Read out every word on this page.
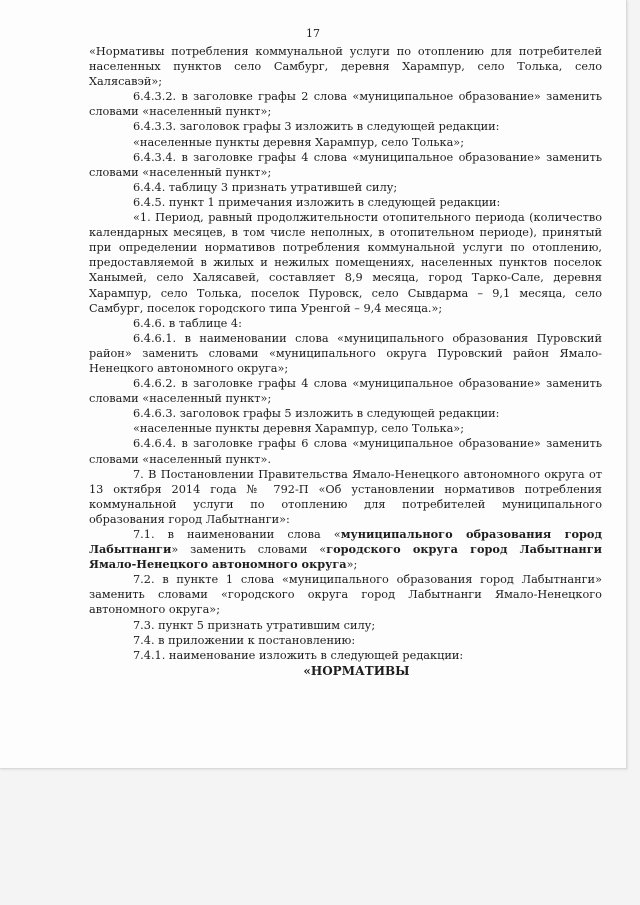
17

«Нормативы потребления коммунальной услуги по отоплению для потребителей населенных пунктов село Самбург, деревня Харампур, село Толька, село Халясавэй»;

6.4.3.2. в заголовке графы 2 слова «муниципальное образование» заменить словами «населенный пункт»;

6.4.3.3. заголовок графы 3 изложить в следующей редакции:

«населенные пункты деревня Харампур, село Толька»;

6.4.3.4. в заголовке графы 4 слова «муниципальное образование» заменить словами «населенный пункт»;

6.4.4. таблицу 3 признать утратившей силу;

6.4.5. пункт 1 примечания изложить в следующей редакции:

«1. Период, равный продолжительности отопительного периода (количество календарных месяцев, в том числе неполных, в отопительном периоде), принятый при определении нормативов потребления коммунальной услуги по отоплению, предоставляемой в жилых и нежилых помещениях, населенных пунктов поселок Ханымей, село Халясавей, составляет 8,9 месяца, город Тарко-Сале, деревня Харампур, село Толька, поселок Пуровск, село Сывдарма – 9,1 месяца, село Самбург, поселок городского типа Уренгой – 9,4 месяца.»;

6.4.6. в таблице 4:

6.4.6.1. в наименовании слова «муниципального образования Пуровский район» заменить словами «муниципального округа Пуровский район Ямало-Ненецкого автономного округа»;

6.4.6.2. в заголовке графы 4 слова «муниципальное образование» заменить словами «населенный пункт»;

6.4.6.3. заголовок графы 5 изложить в следующей редакции:

«населенные пункты деревня Харампур, село Толька»;

6.4.6.4. в заголовке графы 6 слова «муниципальное образование» заменить словами «населенный пункт».

7. В Постановлении Правительства Ямало-Ненецкого автономного округа от 13 октября 2014 года № 792-П «Об установлении нормативов потребления коммунальной услуги по отоплению для потребителей муниципального образования город Лабытнанги»:

7.1. в наименовании слова «муниципального образования город Лабытнанги» заменить словами «городского округа город Лабытнанги Ямало-Ненецкого автономного округа»;

7.2. в пункте 1 слова «муниципального образования город Лабытнанги» заменить словами «городского округа город Лабытнанги Ямало-Ненецкого автономного округа»;

7.3. пункт 5 признать утратившим силу;

7.4. в приложении к постановлению:

7.4.1. наименование изложить в следующей редакции:

«НОРМАТИВЫ
